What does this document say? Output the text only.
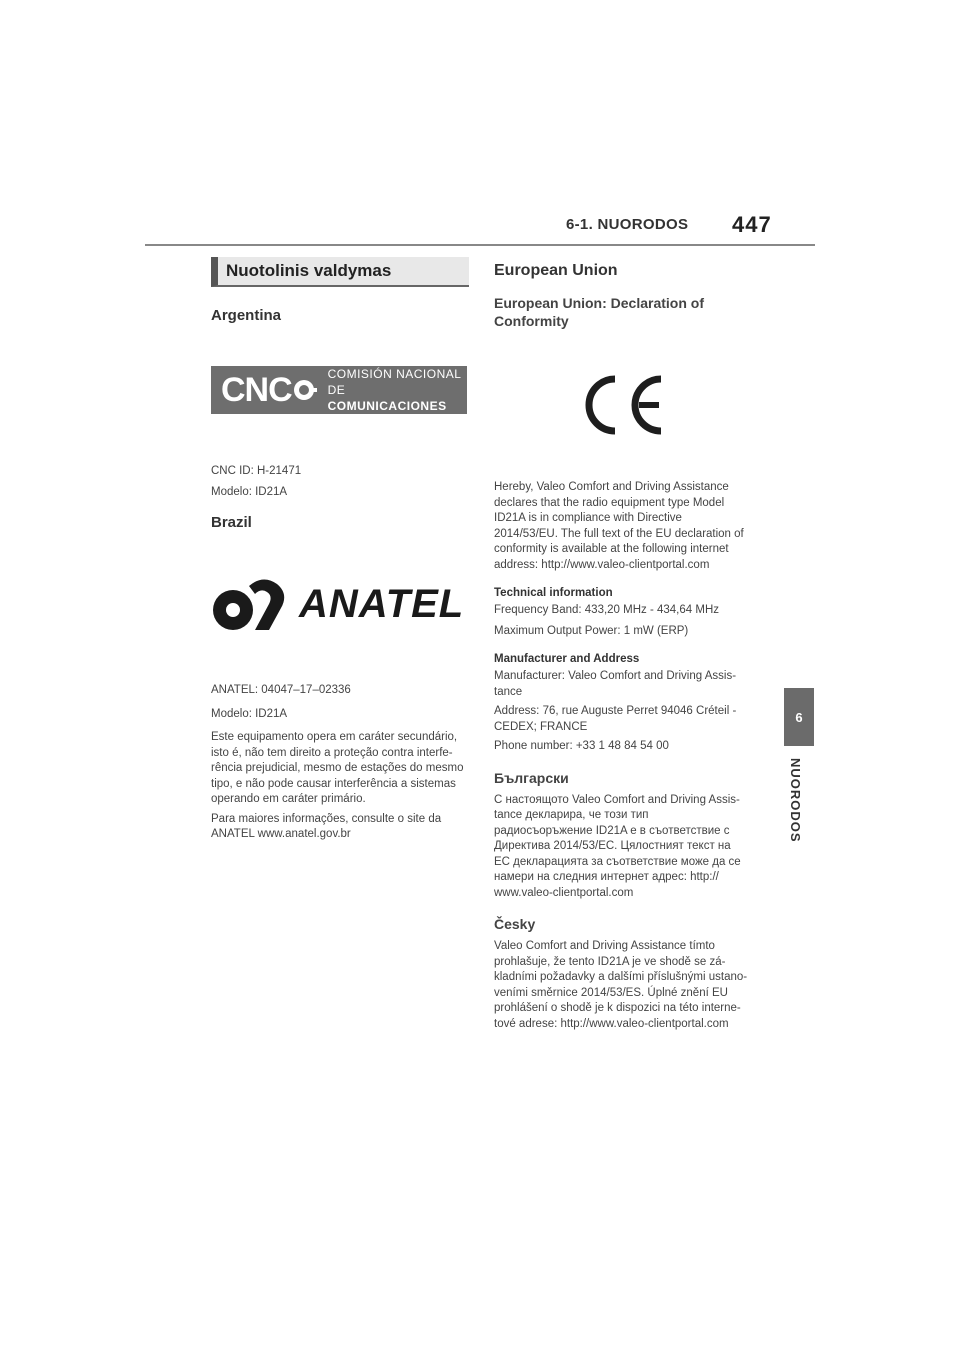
6-1. NUORODOS 447
6
NUORODOS
Nuotolinis valdymas
Argentina
CNC	COMISIÓN NACIONAL
DE COMUNICACIONES

CNC ID: H-21471

Modelo: ID21A

Brazil
ANATEL

ANATEL: 04047–17–02336

Modelo: ID21A

Este equipamento opera em caráter secundário, isto é, não tem direito a proteção contra interfe-rência prejudicial, mesmo de estações do mesmo tipo, e não pode causar interferência a sistemas operando em caráter primário.

Para maiores informações, consulte o site da ANATEL www.anatel.gov.br

European Union
European Union: Declaration of Conformity

Hereby, Valeo Comfort and Driving Assistance declares that the radio equipment type Model ID21A is in compliance with Directive 2014/53/EU. The full text of the EU declaration of conformity is available at the following internet address: http://www.valeo-clientportal.com

Technical information

Frequency Band: 433,20 MHz - 434,64 MHz

Maximum Output Power: 1 mW (ERP)

Manufacturer and Address

Manufacturer: Valeo Comfort and Driving Assis-tance

Address: 76, rue Auguste Perret 94046 Créteil - CEDEX; FRANCE

Phone number: +33 1 48 84 54 00

Български

С настоящото Valeo Comfort and Driving Assis-tance декларира, че този тип радиосъоръжение ID21A е в съответствие с Директива 2014/53/ЕС. Цялостният текст на ЕС декларацията за съответствие може да се намери на следния интернет адрес: http:// www.valeo-clientportal.com

Česky

Valeo Comfort and Driving Assistance tímto prohlašuje, že tento ID21A je ve shodě se zá-kladními požadavky a dalšími příslušnými ustano-veními směrnice 2014/53/ES. Úplné znění EU prohlášení o shodě je k dispozici na této interne-tové adrese: http://www.valeo-clientportal.com
